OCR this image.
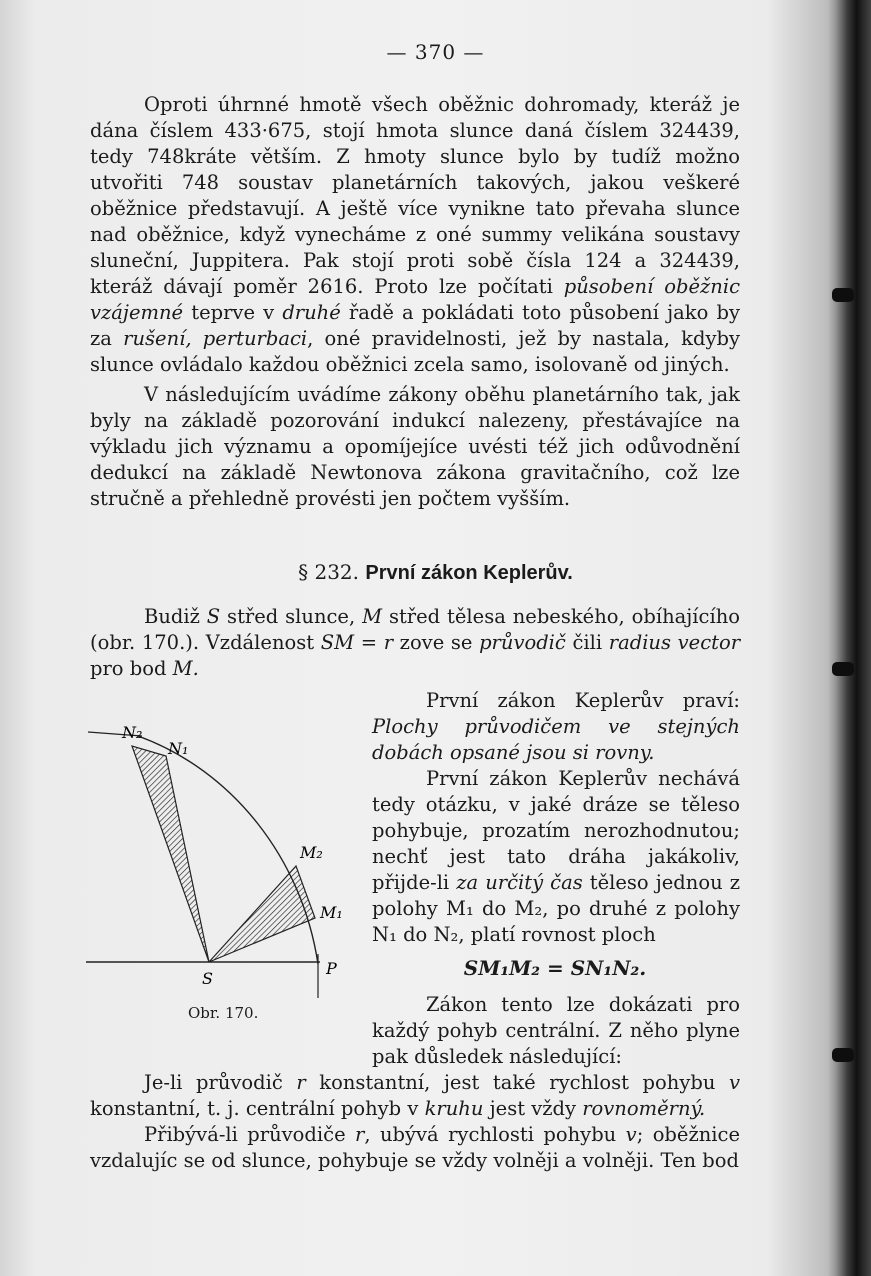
— 370 —

Oproti úhrnné hmotě všech oběžnic dohromady, kteráž je dána číslem 433·675, stojí hmota slunce daná číslem 324439, tedy 748kráte větším. Z hmoty slunce bylo by tudíž možno utvořiti 748 soustav planetárních takových, jakou veškeré oběžnice představují. A ještě více vynikne tato převaha slunce nad oběžnice, když vynecháme z oné summy velikána soustavy sluneční, Juppitera. Pak stojí proti sobě čísla 124 a 324439, kteráž dávají poměr 2616. Proto lze počítati působení oběžnic vzájemné teprve v druhé řadě a pokládati toto působení jako by za rušení, perturbaci, oné pravidelnosti, jež by nastala, kdyby slunce ovládalo každou oběžnici zcela samo, isolovaně od jiných.

V následujícím uvádíme zákony oběhu planetárního tak, jak byly na základě pozorování indukcí nalezeny, přestávajíce na výkladu jich významu a opomíjejíce uvésti též jich odůvodnění dedukcí na základě Newtonova zákona gravitačního, což lze stručně a přehledně provésti jen počtem vyšším.

§ 232. První zákon Keplerův.

Budiž S střed slunce, M střed tělesa nebeského, obíhajícího (obr. 170.). Vzdálenost SM = r zove se průvodič čili radius vector pro bod M.

První zákon Keplerův praví: Plochy průvodičem ve stejných dobách opsané jsou si rovny.

První zákon Keplerův nechává tedy otázku, v jaké dráze se těleso pohybuje, prozatím nerozhodnutou; nechť jest tato dráha jakákoliv, přijde-li za určitý čas těleso jednou z polohy M₁ do M₂, po druhé z polohy N₁ do N₂, platí rovnost ploch

SM₁M₂ = SN₁N₂.

Zákon tento lze dokázati pro každý pohyb centrální. Z něho plyne pak důsledek následující:

Je-li průvodič r konstantní, jest také rychlost pohybu v konstantní, t. j. centrální pohyb v kruhu jest vždy rovnoměrný.

Přibývá-li průvodiče r, ubývá rychlosti pohybu v; oběžnice vzdalujíc se od slunce, pohybuje se vždy volněji a volněji. Ten bod

N₂
N₁
M₂
M₁
S
P
Obr. 170.
